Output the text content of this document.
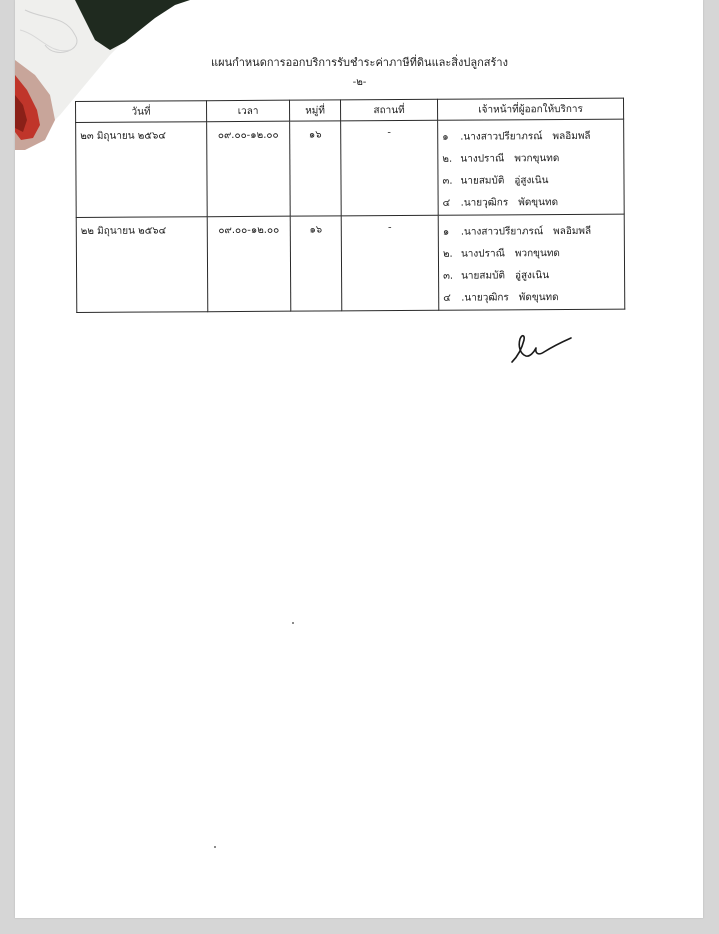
แผนกำหนดการออกบริการรับชำระค่าภาษีที่ดินและสิ่งปลูกสร้าง
-๒-
วันที่	เวลา	หมู่ที่	สถานที่	เจ้าหน้าที่ผู้ออกให้บริการ
๒๓ มิถุนายน ๒๕๖๔	๐๙.๐๐-๑๒.๐๐	๑๖	-	๑ .นางสาวปรียาภรณ์ พลอิมพลี
๒. นางปราณี พวกขุนทด
๓. นายสมบัติ อู่สูงเนิน
๔ .นายวุฒิกร พัดขุนทด

๒๒ มิถุนายน ๒๕๖๔	๐๙.๐๐-๑๒.๐๐	๑๖	-	๑ .นางสาวปรียาภรณ์ พลอิมพลี
๒. นางปราณี พวกขุนทด
๓. นายสมบัติ อู่สูงเนิน
๔ .นายวุฒิกร พัดขุนทด
